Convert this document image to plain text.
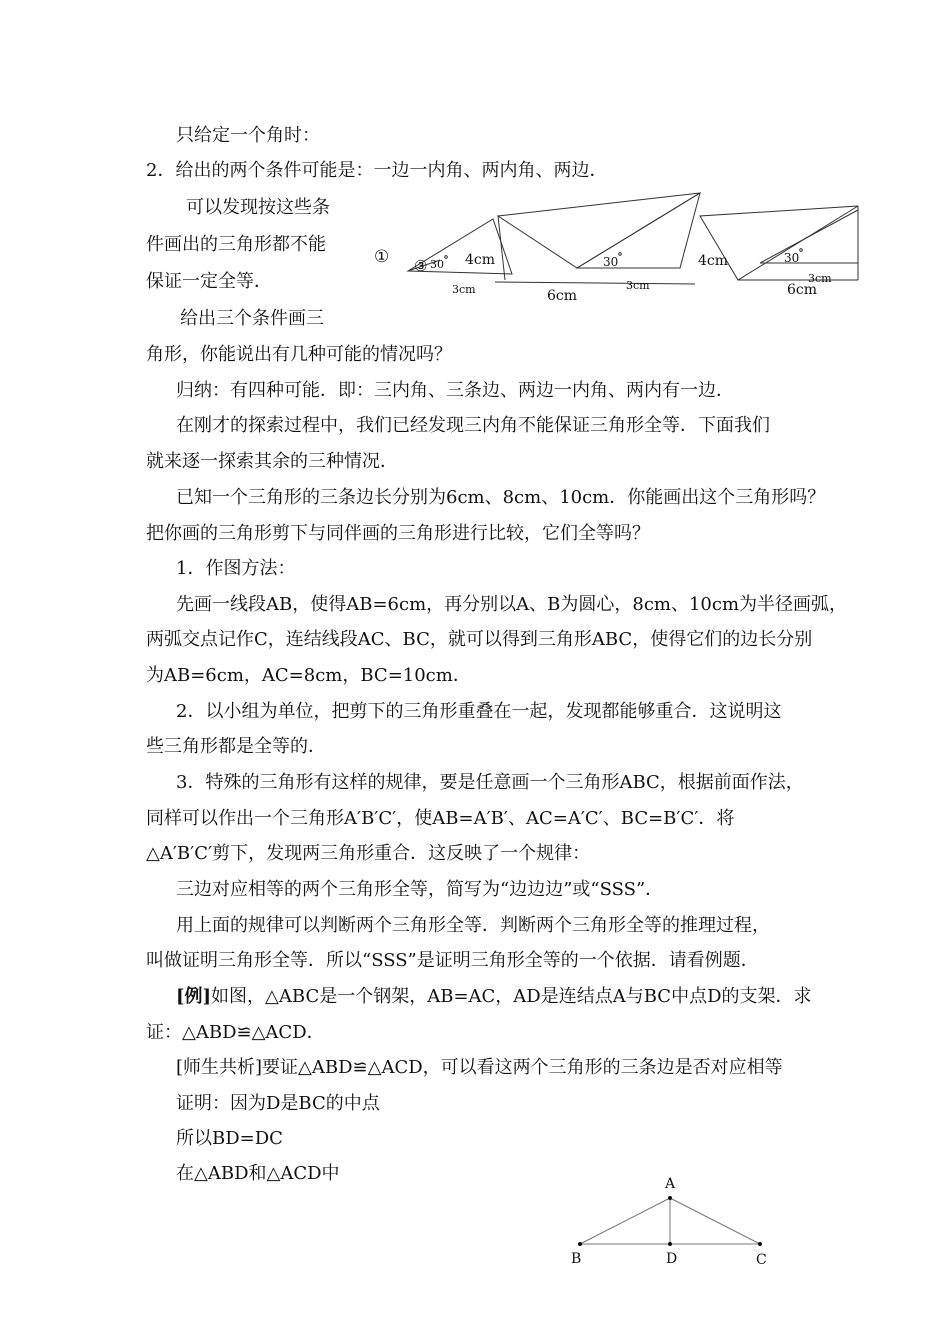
只给定一个角时：
2．给出的两个条件可能是：一边一内角、两内角、两边．
可以发现按这些条
件画出的三角形都不能
保证一定全等．
给出三个条件画三
角形，你能说出有几种可能的情况吗？
归纳：有四种可能．即：三内角、三条边、两边一内角、两内有一边．
在刚才的探索过程中，我们已经发现三内角不能保证三角形全等．下面我们
就来逐一探索其余的三种情况．
已知一个三角形的三条边长分别为6cm、8cm、10cm．你能画出这个三角形吗？
把你画的三角形剪下与同伴画的三角形进行比较，它们全等吗？
1．作图方法：
先画一线段AB，使得AB=6cm，再分别以A、B为圆心，8cm、10cm为半径画弧，
两弧交点记作C，连结线段AC、BC，就可以得到三角形ABC，使得它们的边长分别
为AB=6cm，AC=8cm，BC=10cm．
2．以小组为单位，把剪下的三角形重叠在一起，发现都能够重合．这说明这
些三角形都是全等的．
3．特殊的三角形有这样的规律，要是任意画一个三角形ABC，根据前面作法，
同样可以作出一个三角形A′B′C′，使AB=A′B′、AC=A′C′、BC=B′C′．将
△A′B′C′剪下，发现两三角形重合．这反映了一个规律：
三边对应相等的两个三角形全等，简写为“边边边”或“SSS”．
用上面的规律可以判断两个三角形全等．判断两个三角形全等的推理过程，
叫做证明三角形全等．所以“SSS”是证明三角形全等的一个依据．请看例题．
[例]如图，△ABC是一个钢架，AB=AC，AD是连结点A与BC中点D的支架．求
证：△ABD≌△ACD．
[师生共析]要证△ABD≌△ACD，可以看这两个三角形的三条边是否对应相等
证明：因为D是BC的中点
所以BD=DC
在△ABD和△ACD中
① ③ 30 4cm
3cm	6cm
30
3cm
4cm	30
3cm
6cm
A
B	D	C
